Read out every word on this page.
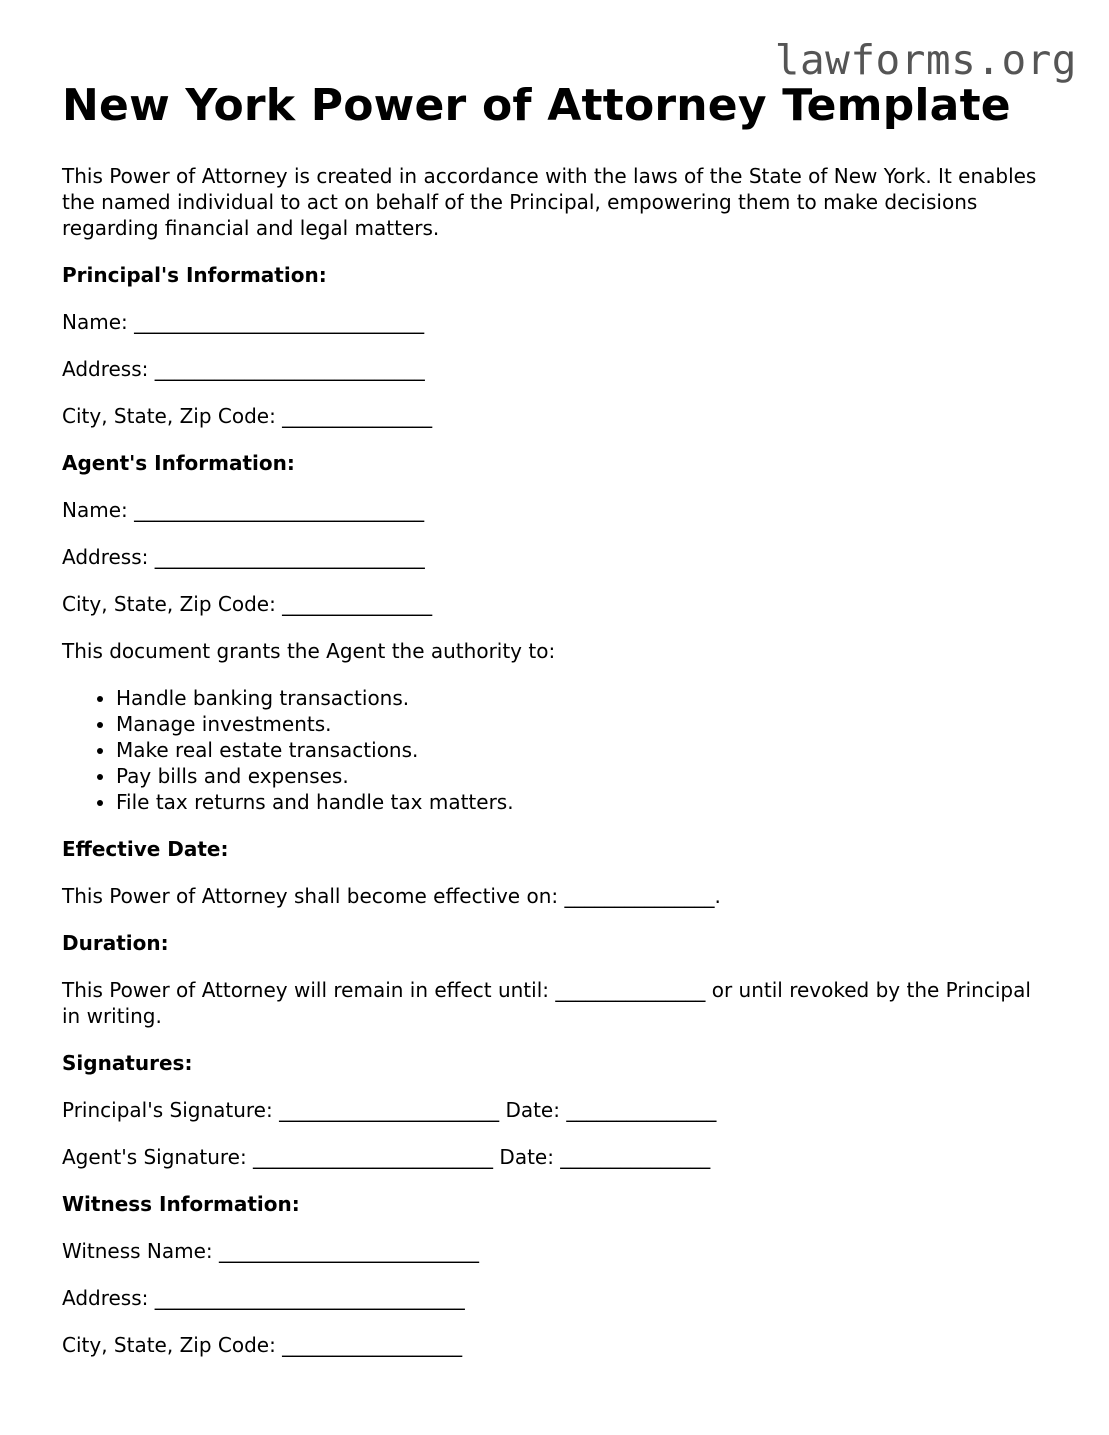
lawforms.org
New York Power of Attorney Template

This Power of Attorney is created in accordance with the laws of the State of New York. It enables the named individual to act on behalf of the Principal, empowering them to make decisions regarding financial and legal matters.

Principal's Information:

Name: _____________________________

Address: ___________________________

City, State, Zip Code: _______________

Agent's Information:

Name: _____________________________

Address: ___________________________

City, State, Zip Code: _______________

This document grants the Agent the authority to:

• Handle banking transactions.
• Manage investments.
• Make real estate transactions.
• Pay bills and expenses.
• File tax returns and handle tax matters.

Effective Date:

This Power of Attorney shall become effective on: _______________.

Duration:

This Power of Attorney will remain in effect until: _______________ or until revoked by the Principal in writing.

Signatures:

Principal's Signature: ______________________ Date: _______________

Agent's Signature: ________________________ Date: _______________

Witness Information:

Witness Name: __________________________

Address: _______________________________

City, State, Zip Code: __________________
